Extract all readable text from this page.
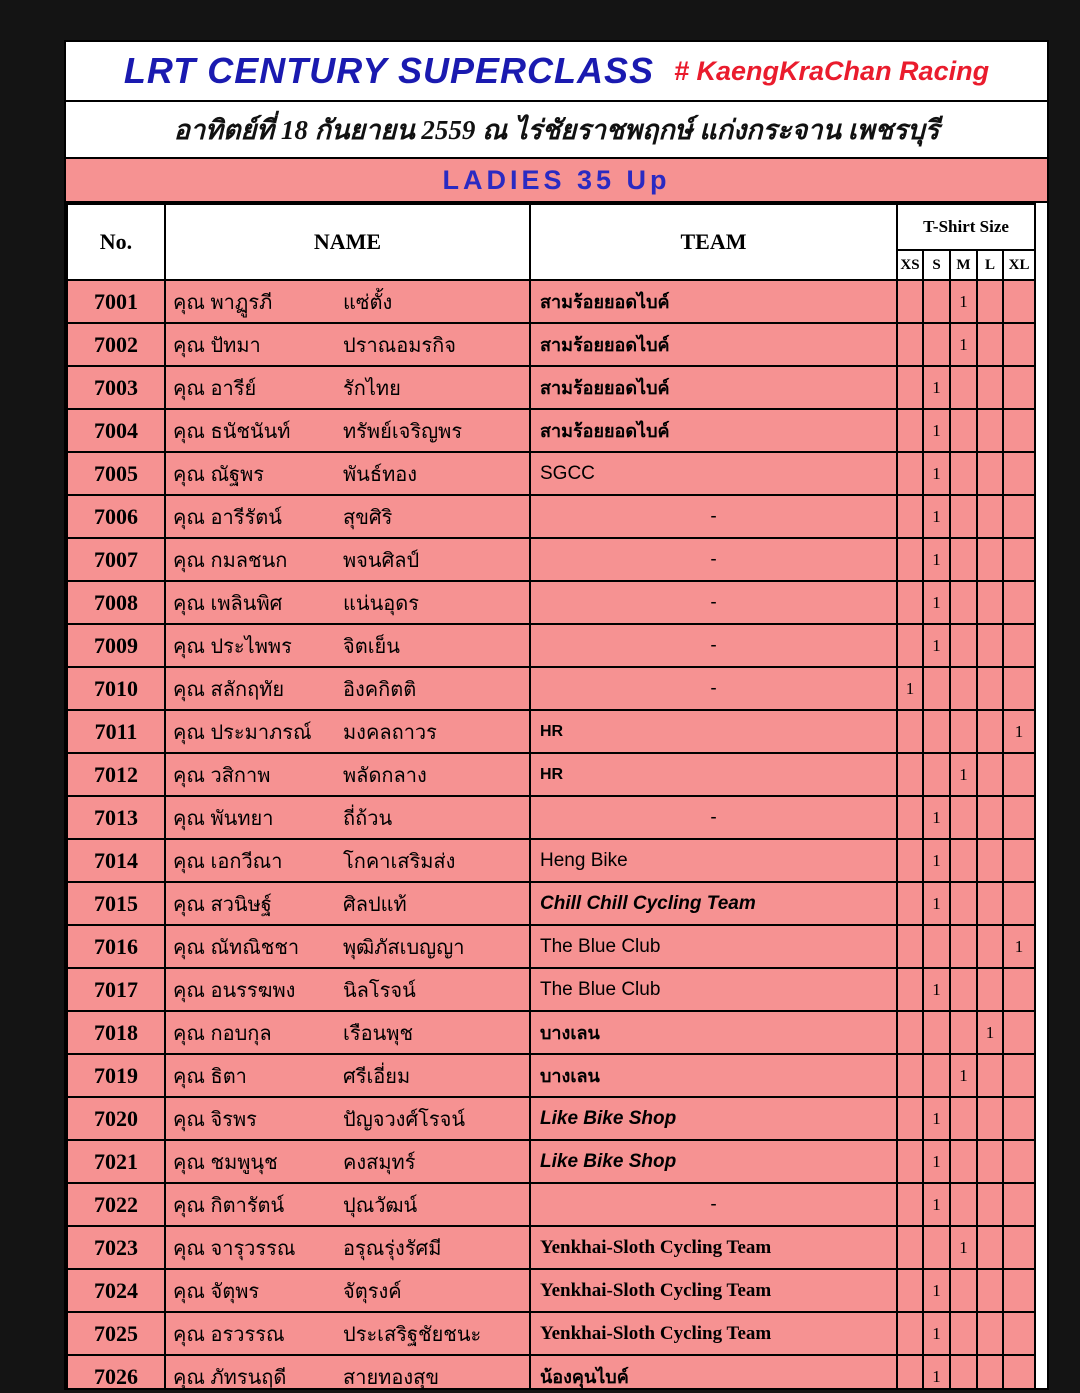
LRT CENTURY SUPERCLASS # KaengKraChan Racing
อาทิตย์ที่ 18 กันยายน 2559 ณ ไร่ชัยราชพฤกษ์ แก่งกระจาน เพชรบุรี
LADIES 35 Up
No.	NAME	TEAM	T-Shirt Size				
			XS	S	M	L	XL
7001	คุณ พาฏูรภี แซ่ตั้ง	สามร้อยยอดไบค์			1		
7002	คุณ ปัทมา ปราณอมรกิจ	สามร้อยยอดไบค์			1		
7003	คุณ อารีย์ รักไทย	สามร้อยยอดไบค์		1			
7004	คุณ ธนัชนันท์ ทรัพย์เจริญพร	สามร้อยยอดไบค์		1			
7005	คุณ ณัฐพร พันธ์ทอง	SGCC		1			
7006	คุณ อารีรัตน์ สุขศิริ	-		1			
7007	คุณ กมลชนก พจนศิลป์	-		1			
7008	คุณ เพลินพิศ แน่นอุดร	-		1			
7009	คุณ ประไพพร จิตเย็น	-		1			
7010	คุณ สลักฤทัย อิงคกิตติ	-	1				
7011	คุณ ประมาภรณ์ มงคลถาวร	HR					1
7012	คุณ วสิกาพ พลัดกลาง	HR			1		
7013	คุณ พันทยา ถี่ถ้วน	-		1			
7014	คุณ เอกวีณา โกคาเสริมส่ง	Heng Bike		1			
7015	คุณ สวนิษฐ์ ศิลปแท้	Chill Chill Cycling Team		1			
7016	คุณ ณัทณิชชา พุฒิภัสเบญญา	The Blue Club					1
7017	คุณ อนรรฆพง นิลโรจน์	The Blue Club		1			
7018	คุณ กอบกุล เรือนพุช	บางเลน				1	
7019	คุณ ธิตา ศรีเอี่ยม	บางเลน			1		
7020	คุณ จิรพร ปัญจวงศ์โรจน์	Like Bike Shop		1			
7021	คุณ ชมพูนุช คงสมุทร์	Like Bike Shop		1			
7022	คุณ กิตารัตน์ ปุณวัฒน์	-		1			
7023	คุณ จารุวรรณ อรุณรุ่งรัศมี	Yenkhai-Sloth Cycling Team			1		
7024	คุณ จัตุพร จัตุรงค์	Yenkhai-Sloth Cycling Team		1			
7025	คุณ อรวรรณ ประเสริฐชัยชนะ	Yenkhai-Sloth Cycling Team		1			
7026	คุณ ภัทรนฤดี สายทองสุข	น้องคุนไบค์		1			
